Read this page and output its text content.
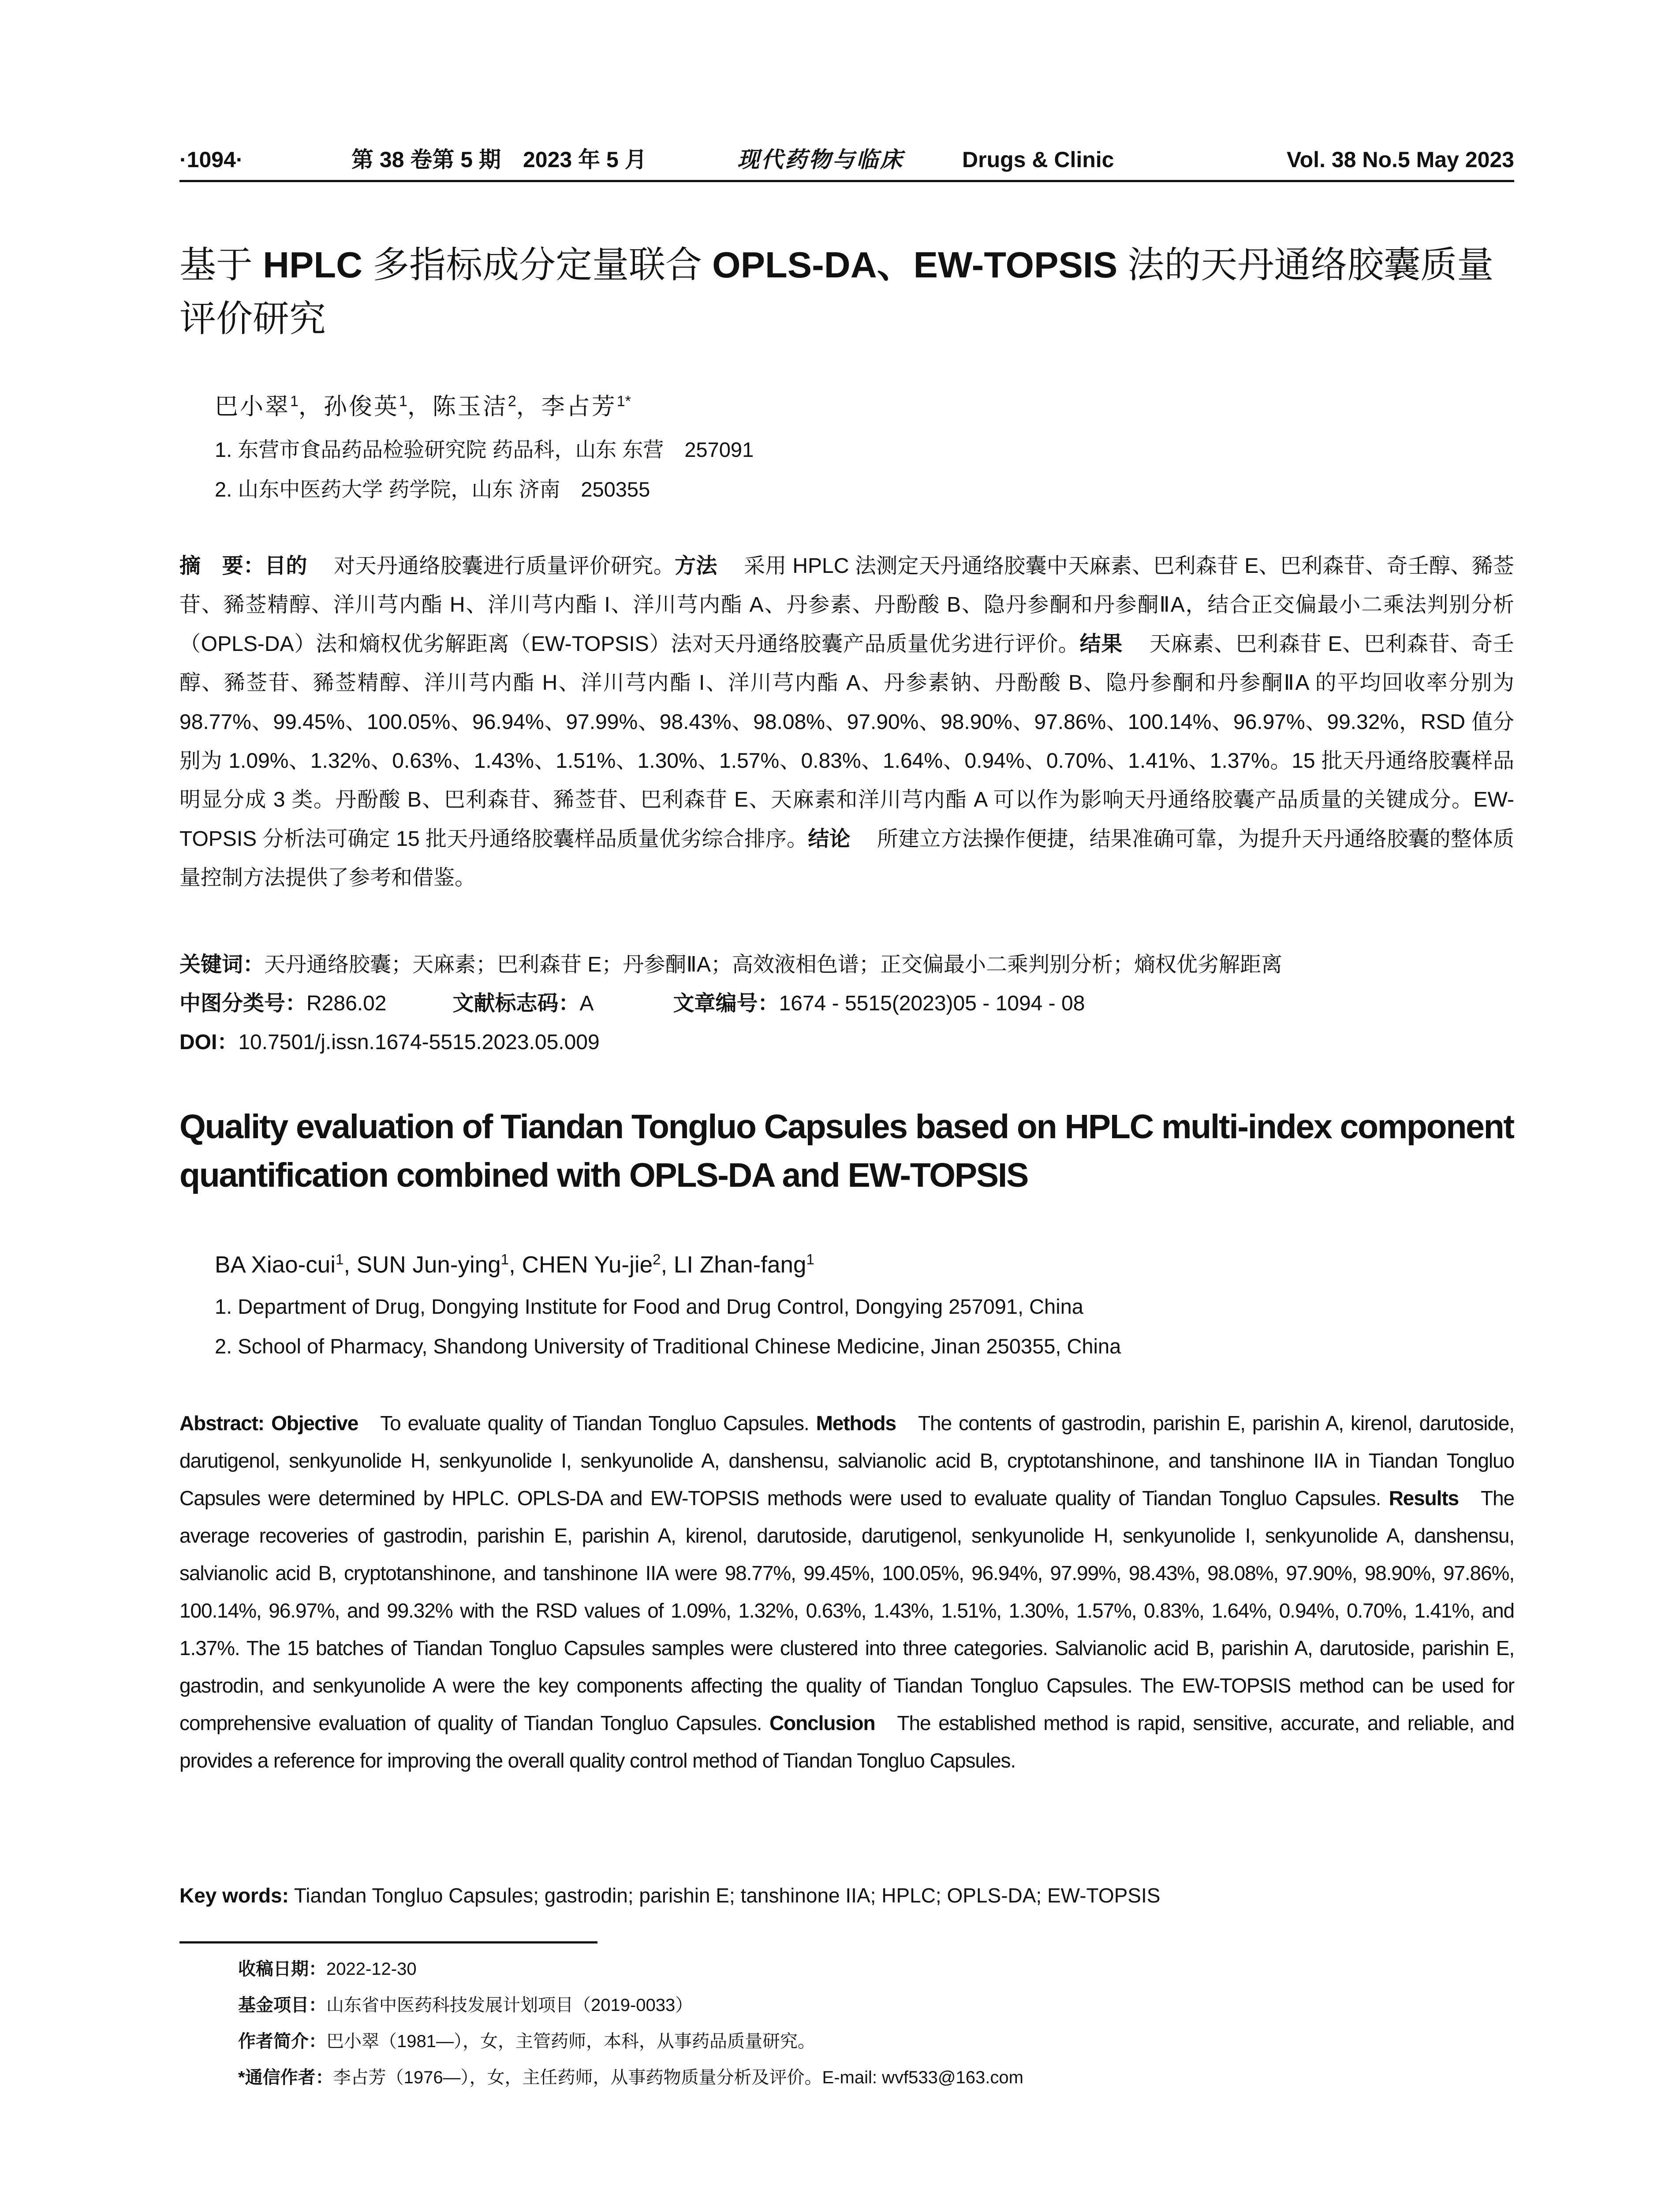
·1094·	第 38 卷第 5 期　2023 年 5 月	现代药物与临床	Drugs & Clinic	Vol. 38 No.5 May 2023
基于 HPLC 多指标成分定量联合 OPLS-DA、EW-TOPSIS 法的天丹通络胶囊质量评价研究
巴小翠$^1$，孙俊英$^1$，陈玉洁$^2$，李占芳$^{1*}$
1. 东营市食品药品检验研究院 药品科，山东 东营　257091
2. 山东中医药大学 药学院，山东 济南　250355
摘　要：目的 对天丹通络胶囊进行质量评价研究。方法 采用 HPLC 法测定天丹通络胶囊中天麻素、巴利森苷 E、巴利森苷、奇壬醇、豨莶苷、豨莶精醇、洋川芎内酯 H、洋川芎内酯 I、洋川芎内酯 A、丹参素、丹酚酸 B、隐丹参酮和丹参酮ⅡA，结合正交偏最小二乘法判别分析（OPLS-DA）法和熵权优劣解距离（EW-TOPSIS）法对天丹通络胶囊产品质量优劣进行评价。结果 天麻素、巴利森苷 E、巴利森苷、奇壬醇、豨莶苷、豨莶精醇、洋川芎内酯 H、洋川芎内酯 I、洋川芎内酯 A、丹参素钠、丹酚酸 B、隐丹参酮和丹参酮ⅡA 的平均回收率分别为 98.77%、99.45%、100.05%、96.94%、97.99%、98.43%、98.08%、97.90%、98.90%、97.86%、100.14%、96.97%、99.32%，RSD 值分别为 1.09%、1.32%、0.63%、1.43%、1.51%、1.30%、1.57%、0.83%、1.64%、0.94%、0.70%、1.41%、1.37%。15 批天丹通络胶囊样品明显分成 3 类。丹酚酸 B、巴利森苷、豨莶苷、巴利森苷 E、天麻素和洋川芎内酯 A 可以作为影响天丹通络胶囊产品质量的关键成分。EW-TOPSIS 分析法可确定 15 批天丹通络胶囊样品质量优劣综合排序。结论 所建立方法操作便捷，结果准确可靠，为提升天丹通络胶囊的整体质量控制方法提供了参考和借鉴。
关键词：天丹通络胶囊；天麻素；巴利森苷 E；丹参酮ⅡA；高效液相色谱；正交偏最小二乘判别分析；熵权优劣解距离
中图分类号：R286.02	文献标志码：A	文章编号：1674 - 5515(2023)05 - 1094 - 08
DOI：10.7501/j.issn.1674-5515.2023.05.009
Quality evaluation of Tiandan Tongluo Capsules based on HPLC multi-index component quantification combined with OPLS-DA and EW-TOPSIS
BA Xiao-cui$^1$, SUN Jun-ying$^1$, CHEN Yu-jie$^2$, LI Zhan-fang$^1$
1. Department of Drug, Dongying Institute for Food and Drug Control, Dongying 257091, China
2. School of Pharmacy, Shandong University of Traditional Chinese Medicine, Jinan 250355, China
Abstract: Objective To evaluate quality of Tiandan Tongluo Capsules. Methods The contents of gastrodin, parishin E, parishin A, kirenol, darutoside, darutigenol, senkyunolide H, senkyunolide I, senkyunolide A, danshensu, salvianolic acid B, cryptotanshinone, and tanshinone IIA in Tiandan Tongluo Capsules were determined by HPLC. OPLS-DA and EW-TOPSIS methods were used to evaluate quality of Tiandan Tongluo Capsules. Results The average recoveries of gastrodin, parishin E, parishin A, kirenol, darutoside, darutigenol, senkyunolide H, senkyunolide I, senkyunolide A, danshensu, salvianolic acid B, cryptotanshinone, and tanshinone IIA were 98.77%, 99.45%, 100.05%, 96.94%, 97.99%, 98.43%, 98.08%, 97.90%, 98.90%, 97.86%, 100.14%, 96.97%, and 99.32% with the RSD values of 1.09%, 1.32%, 0.63%, 1.43%, 1.51%, 1.30%, 1.57%, 0.83%, 1.64%, 0.94%, 0.70%, 1.41%, and 1.37%. The 15 batches of Tiandan Tongluo Capsules samples were clustered into three categories. Salvianolic acid B, parishin A, darutoside, parishin E, gastrodin, and senkyunolide A were the key components affecting the quality of Tiandan Tongluo Capsules. The EW-TOPSIS method can be used for comprehensive evaluation of quality of Tiandan Tongluo Capsules. Conclusion The established method is rapid, sensitive, accurate, and reliable, and provides a reference for improving the overall quality control method of Tiandan Tongluo Capsules.
Key words: Tiandan Tongluo Capsules; gastrodin; parishin E; tanshinone IIA; HPLC; OPLS-DA; EW-TOPSIS
收稿日期：2022-12-30
基金项目：山东省中医药科技发展计划项目（2019-0033）
作者简介：巴小翠（1981—），女，主管药师，本科，从事药品质量研究。
*通信作者：李占芳（1976—），女，主任药师，从事药物质量分析及评价。E-mail: wvf533@163.com
